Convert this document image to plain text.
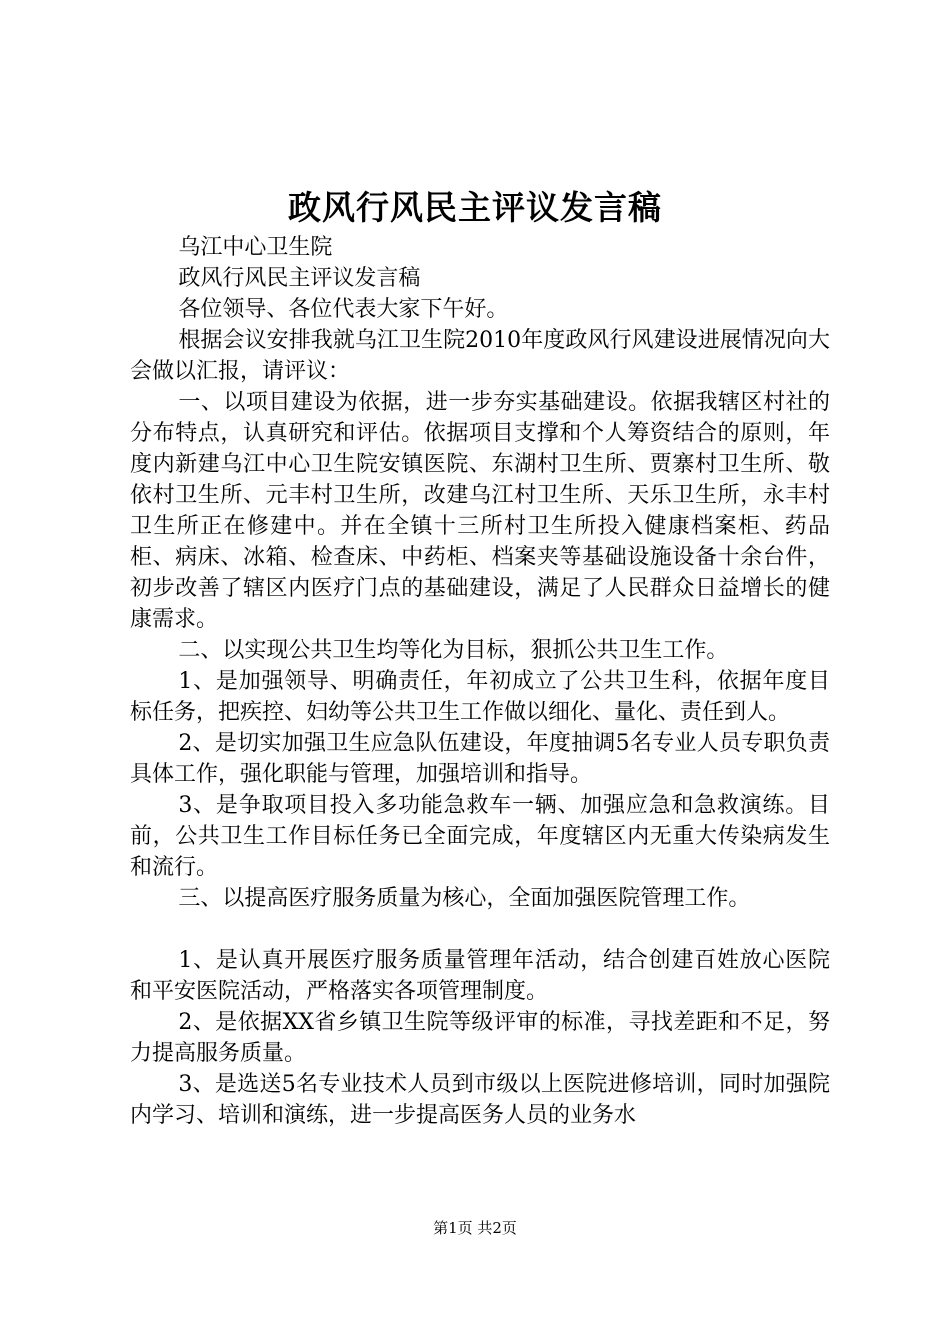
政风行风民主评议发言稿

乌江中心卫生院

政风行风民主评议发言稿

各位领导、各位代表大家下午好。

根据会议安排我就乌江卫生院2010年度政风行风建设进展情况向大会做以汇报，请评议：

一、以项目建设为依据，进一步夯实基础建设。依据我辖区村社的分布特点，认真研究和评估。依据项目支撑和个人筹资结合的原则，年度内新建乌江中心卫生院安镇医院、东湖村卫生所、贾寨村卫生所、敬依村卫生所、元丰村卫生所，改建乌江村卫生所、天乐卫生所，永丰村卫生所正在修建中。并在全镇十三所村卫生所投入健康档案柜、药品柜、病床、冰箱、检查床、中药柜、档案夹等基础设施设备十余台件，初步改善了辖区内医疗门点的基础建设，满足了人民群众日益增长的健康需求。

二、以实现公共卫生均等化为目标，狠抓公共卫生工作。

1、是加强领导、明确责任，年初成立了公共卫生科，依据年度目标任务，把疾控、妇幼等公共卫生工作做以细化、量化、责任到人。

2、是切实加强卫生应急队伍建设，年度抽调5名专业人员专职负责具体工作，强化职能与管理，加强培训和指导。

3、是争取项目投入多功能急救车一辆、加强应急和急救演练。目前，公共卫生工作目标任务已全面完成，年度辖区内无重大传染病发生和流行。

三、以提高医疗服务质量为核心，全面加强医院管理工作。

1、是认真开展医疗服务质量管理年活动，结合创建百姓放心医院和平安医院活动，严格落实各项管理制度。

2、是依据XX省乡镇卫生院等级评审的标准，寻找差距和不足，努力提高服务质量。

3、是选送5名专业技术人员到市级以上医院进修培训，同时加强院内学习、培训和演练，进一步提高医务人员的业务水

第1页 共2页
